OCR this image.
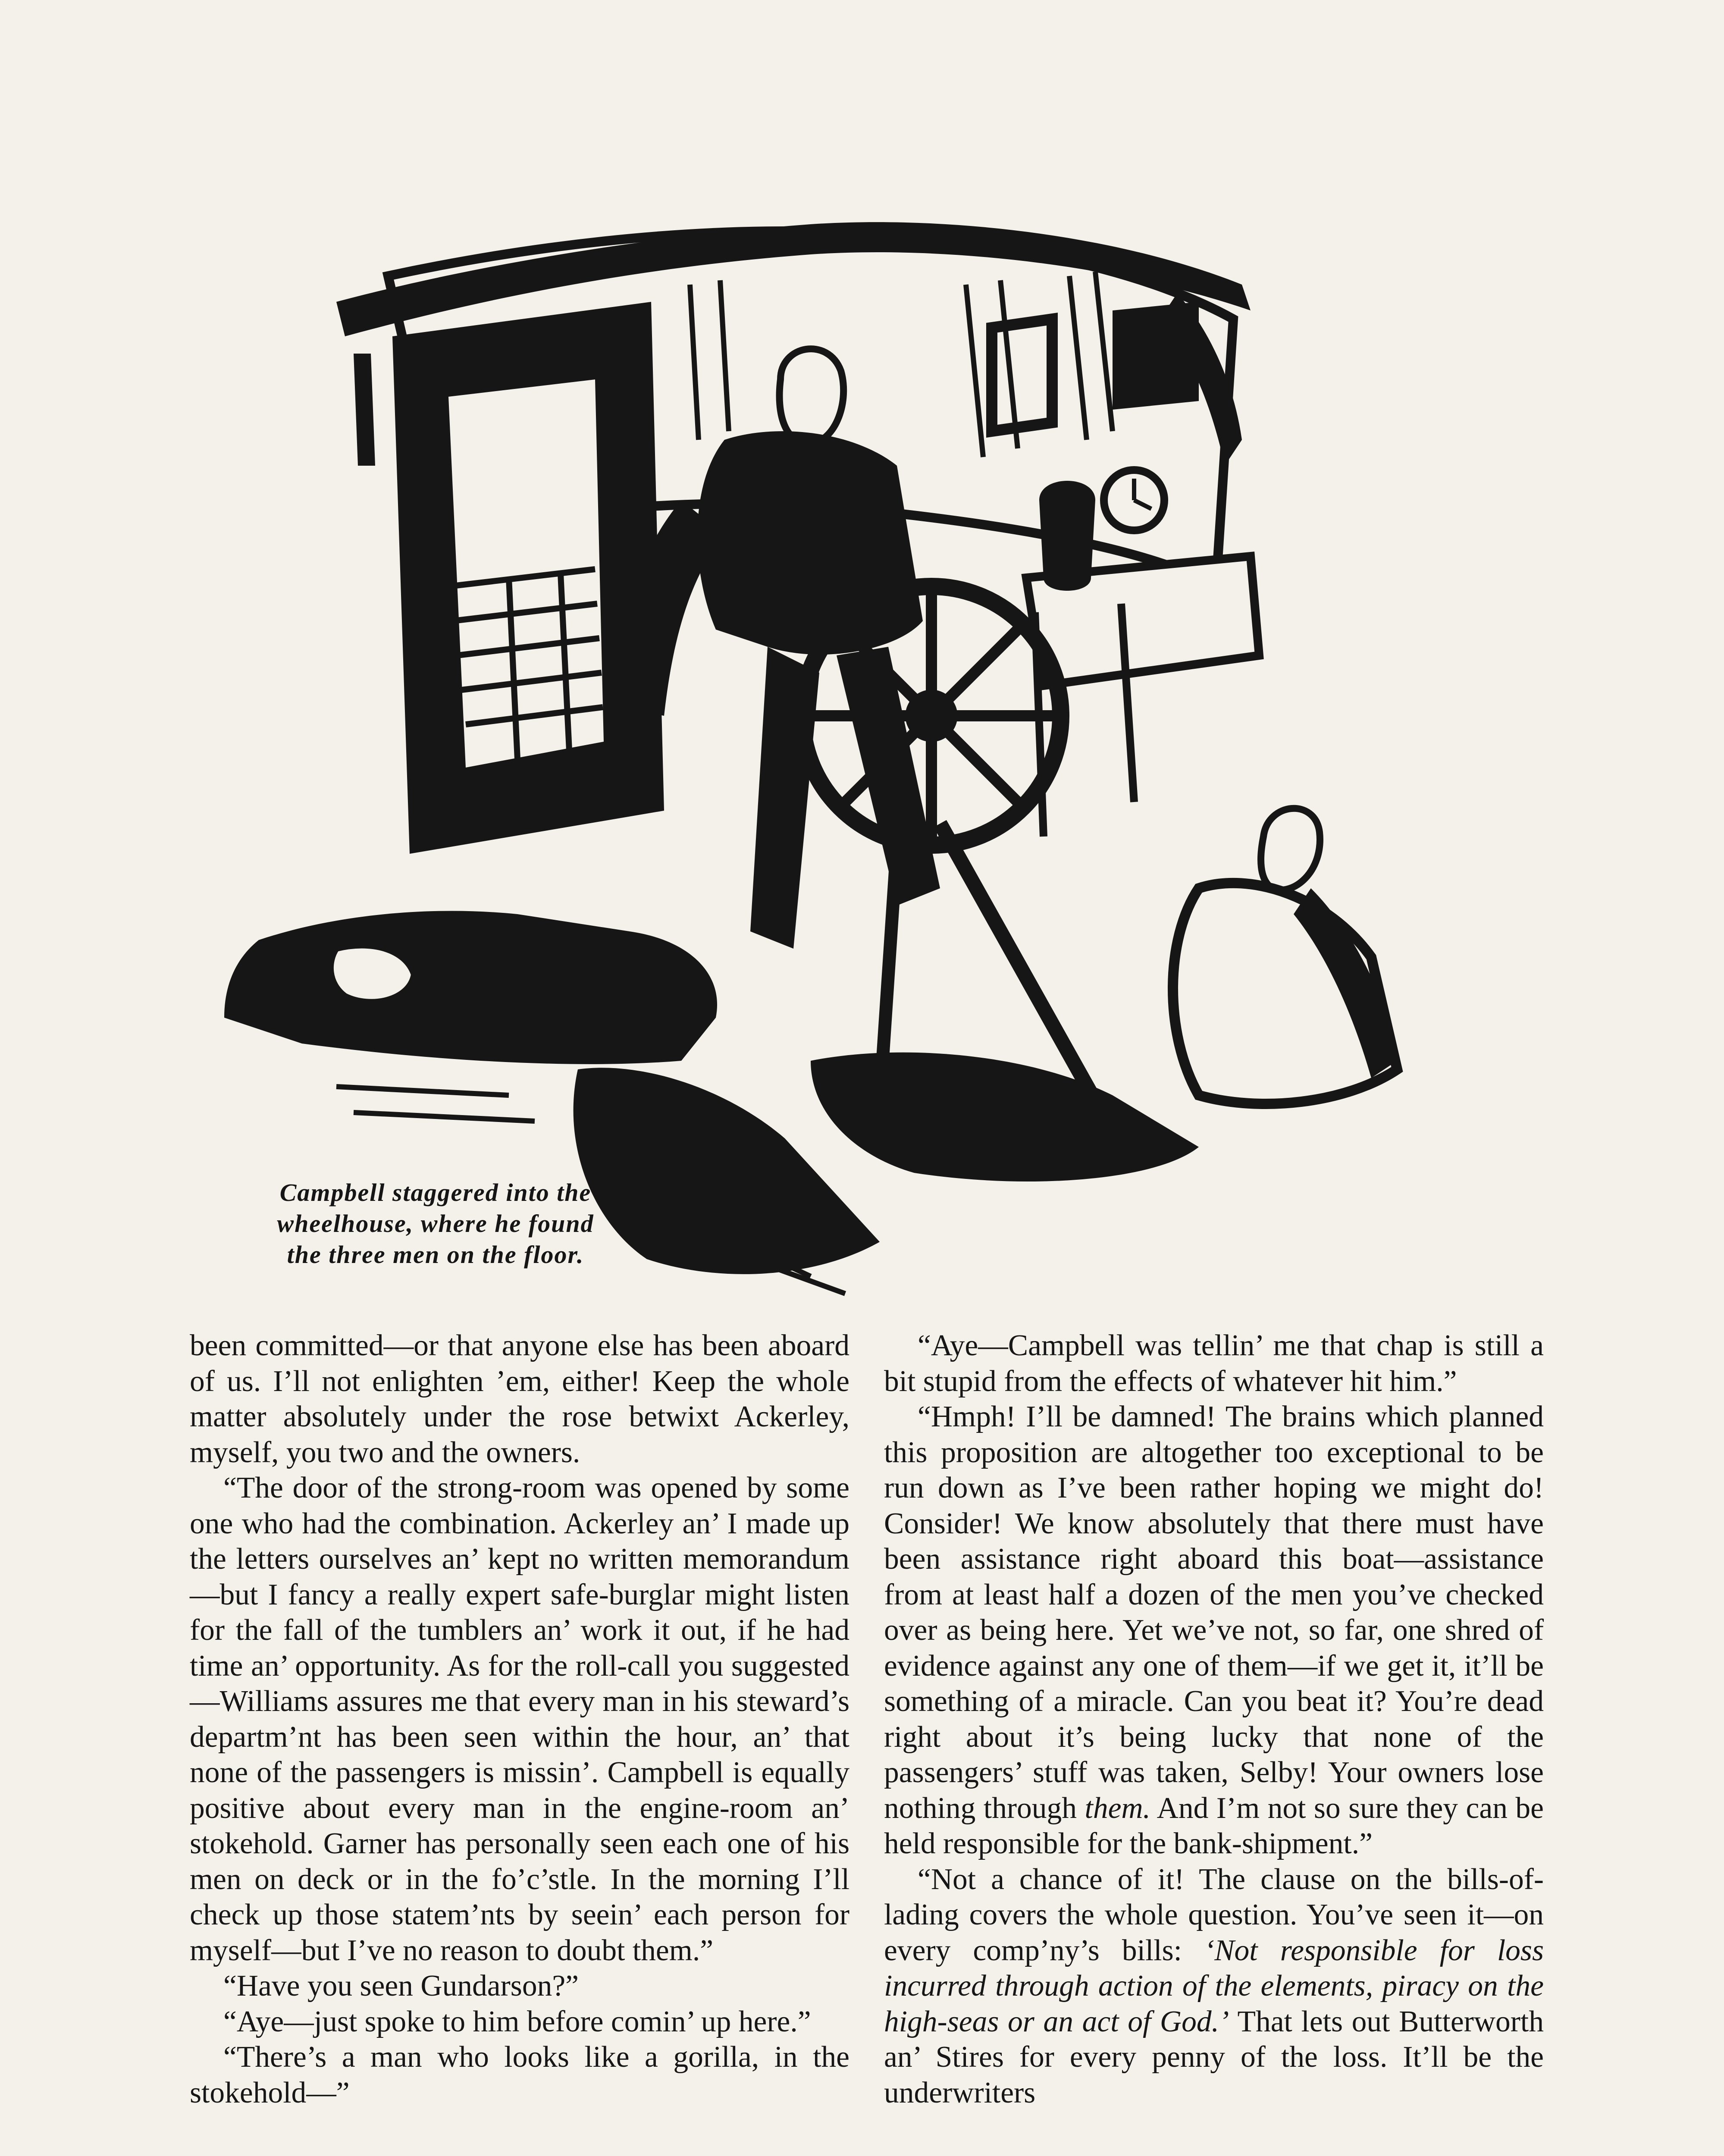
Campbell staggered into the
wheelhouse, where he found
the three men on the floor.

been committed—or that anyone else has been aboard of us. I’ll not enlighten ’em, either! Keep the whole matter absolutely under the rose betwixt Ackerley, myself, you two and the owners.

“The door of the strong-room was opened by some one who had the combination. Ackerley an’ I made up the letters ourselves an’ kept no written memorandum—but I fancy a really expert safe-burglar might listen for the fall of the tumblers an’ work it out, if he had time an’ opportunity. As for the roll-call you suggested—Williams assures me that every man in his steward’s departm’nt has been seen within the hour, an’ that none of the passengers is missin’. Campbell is equally positive about every man in the engine-room an’ stokehold. Garner has personally seen each one of his men on deck or in the fo’c’stle. In the morning I’ll check up those statem’nts by seein’ each person for myself—but I’ve no reason to doubt them.”

“Have you seen Gundarson?”

“Aye—just spoke to him before comin’ up here.”

“There’s a man who looks like a gorilla, in the stokehold—”

“Aye—Campbell was tellin’ me that chap is still a bit stupid from the effects of whatever hit him.”

“Hmph! I’ll be damned! The brains which planned this proposition are altogether too exceptional to be run down as I’ve been rather hoping we might do! Consider! We know absolutely that there must have been assistance right aboard this boat—assistance from at least half a dozen of the men you’ve checked over as being here. Yet we’ve not, so far, one shred of evidence against any one of them—if we get it, it’ll be something of a miracle. Can you beat it? You’re dead right about it’s being lucky that none of the passengers’ stuff was taken, Selby! Your owners lose nothing through them. And I’m not so sure they can be held responsible for the bank-shipment.”

“Not a chance of it! The clause on the bills-of-lading covers the whole question. You’ve seen it—on every comp’ny’s bills: ‘Not responsible for loss incurred through action of the elements, piracy on the high-seas or an act of God.’ That lets out Butterworth an’ Stires for every penny of the loss. It’ll be the underwriters
